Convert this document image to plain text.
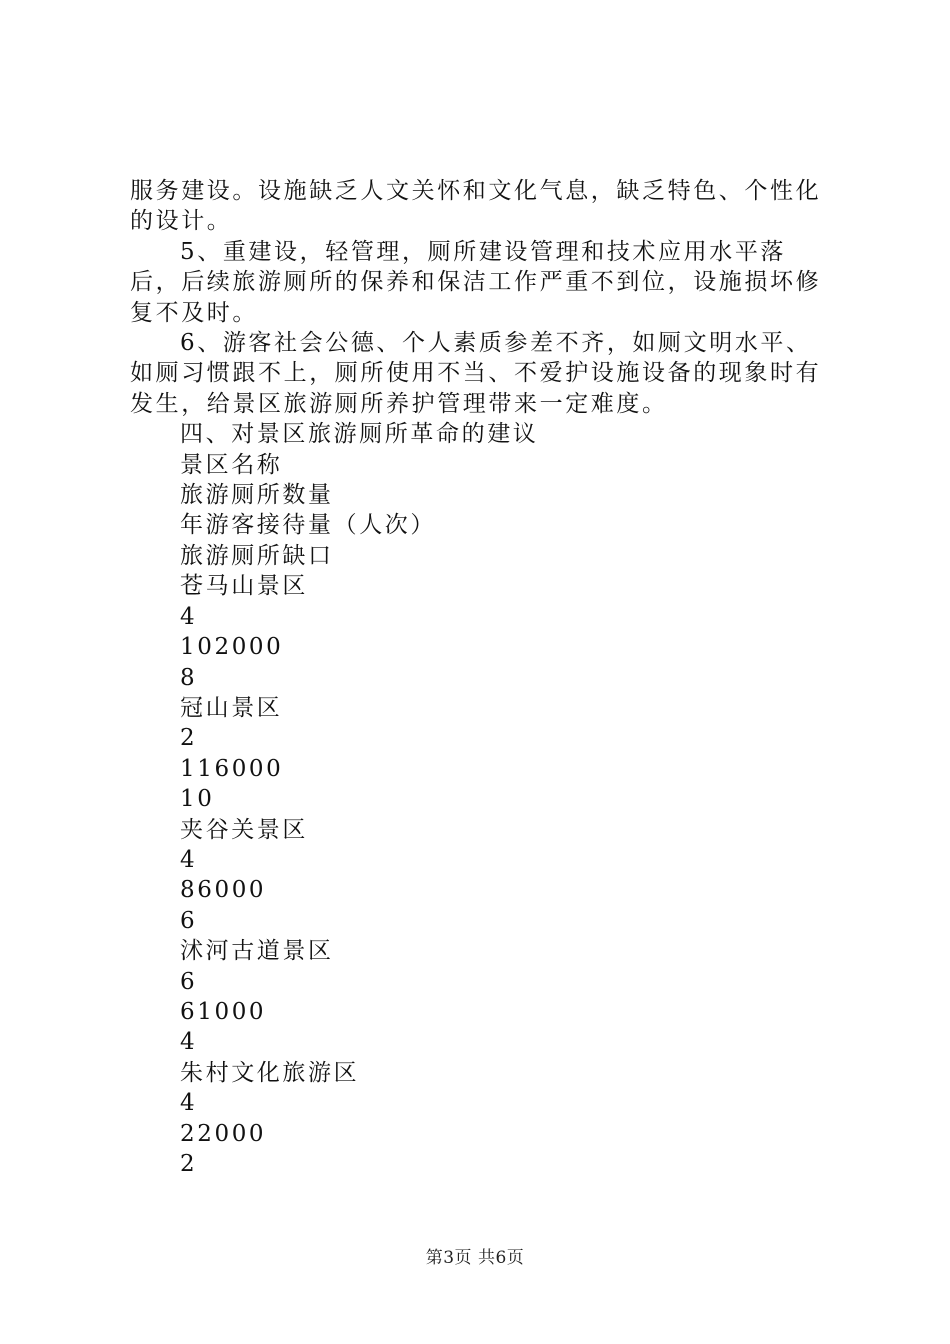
服务建设。设施缺乏人文关怀和文化气息，缺乏特色、个性化的设计。

5、重建设，轻管理，厕所建设管理和技术应用水平落后，后续旅游厕所的保养和保洁工作严重不到位，设施损坏修复不及时。

6、游客社会公德、个人素质参差不齐，如厕文明水平、如厕习惯跟不上，厕所使用不当、不爱护设施设备的现象时有发生，给景区旅游厕所养护管理带来一定难度。

四、对景区旅游厕所革命的建议

景区名称
旅游厕所数量
年游客接待量（人次）
旅游厕所缺口
苍马山景区
4
102000
8
冠山景区
2
116000
10
夹谷关景区
4
86000
6
沭河古道景区
6
61000
4
朱村文化旅游区
4
22000
2
第3页 共6页
